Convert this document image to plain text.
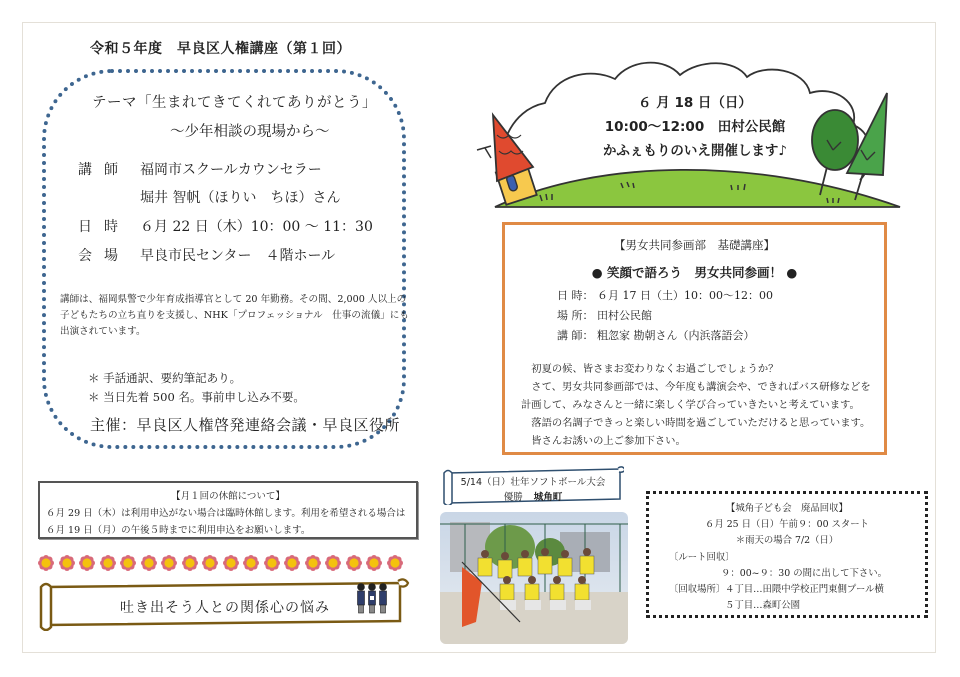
令和５年度　早良区人権講座（第１回）
テーマ「生まれてきてくれてありがとう」
～少年相談の現場から～
講師 福岡市スクールカウンセラー
堀井 智帆（ほりい　ちほ）さん
日時 ６月 22 日（木）10：00 ～ 11：30
会場 早良市民センター　４階ホール
講師は、福岡県警で少年育成指導官として 20 年勤務。その間、2,000 人以上の
子どもたちの立ち直りを支援し、NHK「プロフェッショナル　仕事の流儀」にも
出演されています。
＊ 手話通訳、要約筆記あり。
＊ 当日先着 500 名。事前申し込み不要。
主催：早良区人権啓発連絡会議・早良区役所
６ 月 18 日（日）
10:00～12:00　田村公民館
かふぇもりのいえ開催します♪
【男女共同参画部　基礎講座】
● 笑顔で語ろう　男女共同参画！ ●
日 時： ６月 17 日（土）10：00～12：00
場 所： 田村公民館
講 師： 粗忽家 勘朝さん（内浜落語会）
　初夏の候、皆さまお変わりなくお過ごしでしょうか？
　さて、男女共同参画部では、今年度も講演会や、できればバス研修などを
計画して、みなさんと一緒に楽しく学び合っていきたいと考えています。
　落語の名調子できっと楽しい時間を過ごしていただけると思っています。
　皆さんお誘いの上ご参加下さい。
【月１回の休館について】
６月 29 日（木）は利用申込がない場合は臨時休館します。利用を希望される場合は
６月 19 日（月）の午後５時までに利用申込をお願いします。
吐き出そう人との関係心の悩み
5/14（日）壮年ソフトボール大会
優勝 城角町
【城角子ども会　廃品回収】
６月 25 日（日）午前９：00 スタート
＊雨天の場合 7/2（日）
〔ルート回収〕
９：00~９：30 の間に出して下さい。
〔回収場所〕 ４丁目…田隈中学校正門東側プール横
５丁目…森町公園
